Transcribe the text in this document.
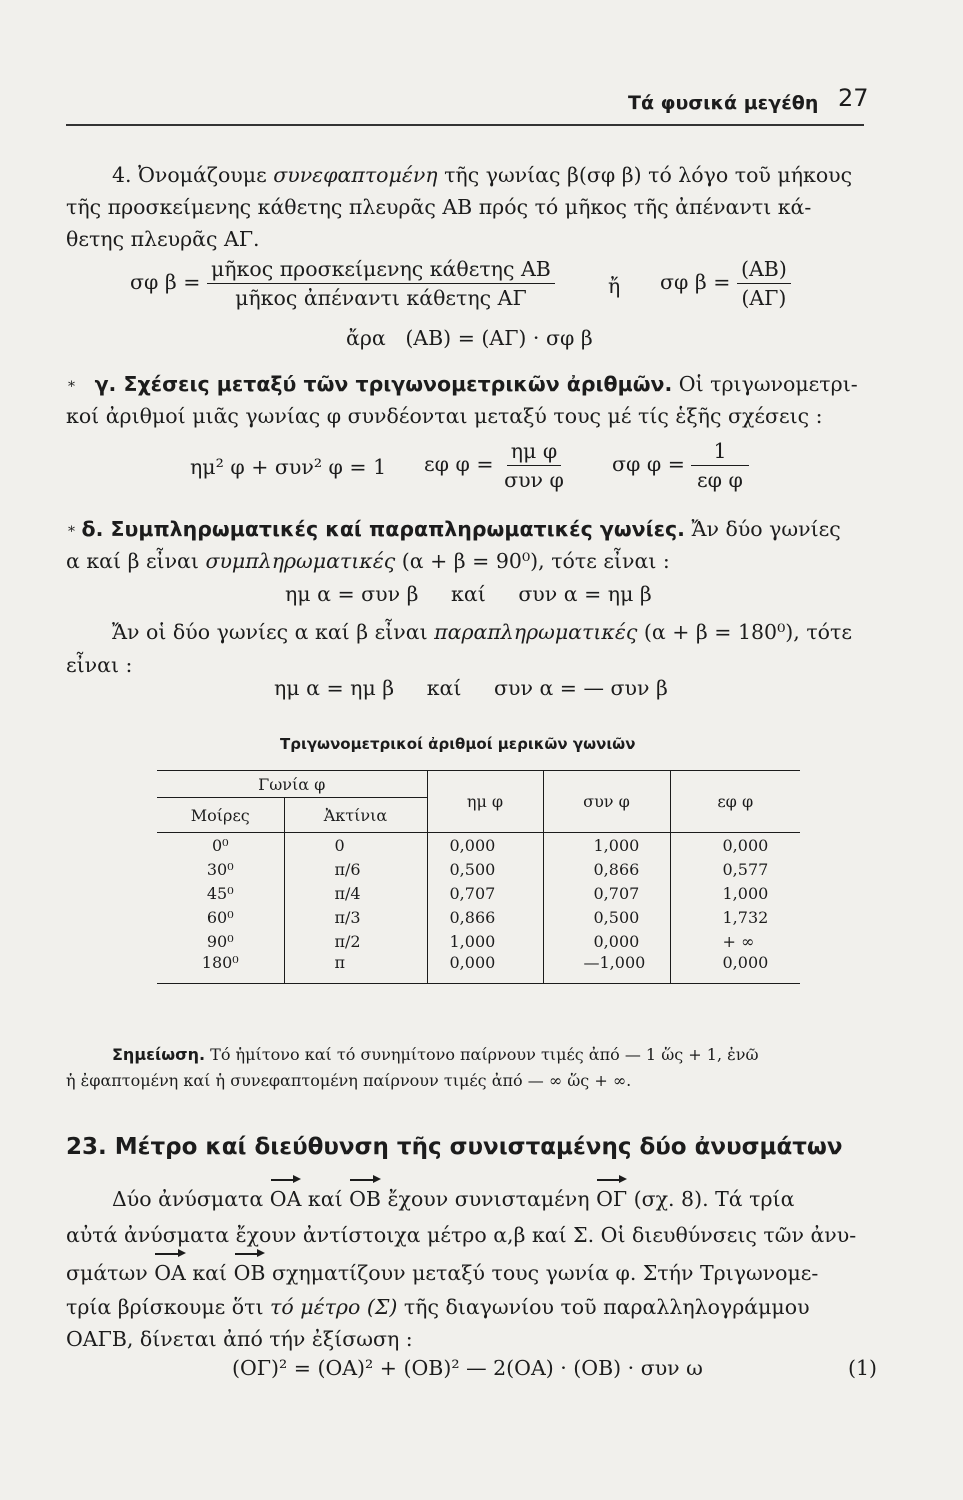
Τά φυσικά μεγέθη 27
4. Ὀνομάζουμε συνεφαπτομένη τῆς γωνίας β(σφ β) τό λόγο τοῦ μήκους
τῆς προσκείμενης κάθετης πλευρᾶς ΑΒ πρός τό μῆκος τῆς ἀπέναντι κά-
θετης πλευρᾶς ΑΓ.
σφ $\beta = \frac{\text{μῆκος προσκείμενης κάθετης ΑΒ}}{\text{μῆκος ἀπέναντι κάθετης ΑΓ}}$	ἤ σφ $\beta = \frac{(AB)}{(A\Gamma)}$
ἄρα (ΑΒ) = (ΑΓ) · σφ β
* γ. Σχέσεις μεταξύ τῶν τριγωνομετρικῶν ἀριθμῶν. Οἱ τριγωνομετρι-
κοί ἀριθμοί μιᾶς γωνίας φ συνδέονται μεταξύ τους μέ τίς ἑξῆς σχέσεις :
ημ² φ + συν² φ = 1 εφ $\varphi = \frac{\text{ημ φ}}{\text{συν φ}}$ σφ $\varphi = \frac{1}{\text{εφ φ}}$
* δ. Συμπληρωματικές καί παραπληρωματικές γωνίες. Ἄν δύο γωνίες
α καί β εἶναι συμπληρωματικές (α + β = 90⁰), τότε εἶναι :
ημ α = συν β     καί     συν α = ημ β
Ἄν οἱ δύο γωνίες α καί β εἶναι παραπληρωματικές (α + β = 180⁰), τότε
εἶναι :
ημ α = ημ β     καί     συν α = — συν β
Τριγωνομετρικοί ἀριθμοί μερικῶν γωνιῶν
Γωνία φ		ημ φ	συν φ	εφ φ
Μοίρες	Ἀκτίνια			
0⁰	0	0,000	1,000	0,000
30⁰	π/6	0,500	0,866	0,577
45⁰	π/4	0,707	0,707	1,000
60⁰	π/3	0,866	0,500	1,732
90⁰	π/2	1,000	0,000	+ ∞
180⁰	π	0,000	—1,000	0,000
Σημείωση. Τό ἡμίτονο καί τό συνημίτονο παίρνουν τιμές ἀπό — 1 ὥς + 1, ἐνῶ
ἡ ἐφαπτομένη καί ἡ συνεφαπτομένη παίρνουν τιμές ἀπό — ∞ ὥς + ∞.
23. Μέτρο καί διεύθυνση τῆς συνισταμένης δύο ἀνυσμάτων
Δύο ἀνύσματα ΟΑ καί ΟΒ ἔχουν συνισταμένη ΟΓ (σχ. 8). Τά τρία
αὐτά ἀνύσματα ἔχουν ἀντίστοιχα μέτρο α,β καί Σ. Οἱ διευθύνσεις τῶν ἀνυ-
σμάτων ΟΑ καί ΟΒ σχηματίζουν μεταξύ τους γωνία φ. Στήν Τριγωνομε-
τρία βρίσκουμε ὅτι τό μέτρο (Σ) τῆς διαγωνίου τοῦ παραλληλογράμμου
ΟΑΓΒ, δίνεται ἀπό τήν ἐξίσωση :
(ΟΓ)² = (ΟΑ)² + (ΟΒ)² — 2(ΟΑ) · (ΟΒ) · συν ω	(1)
